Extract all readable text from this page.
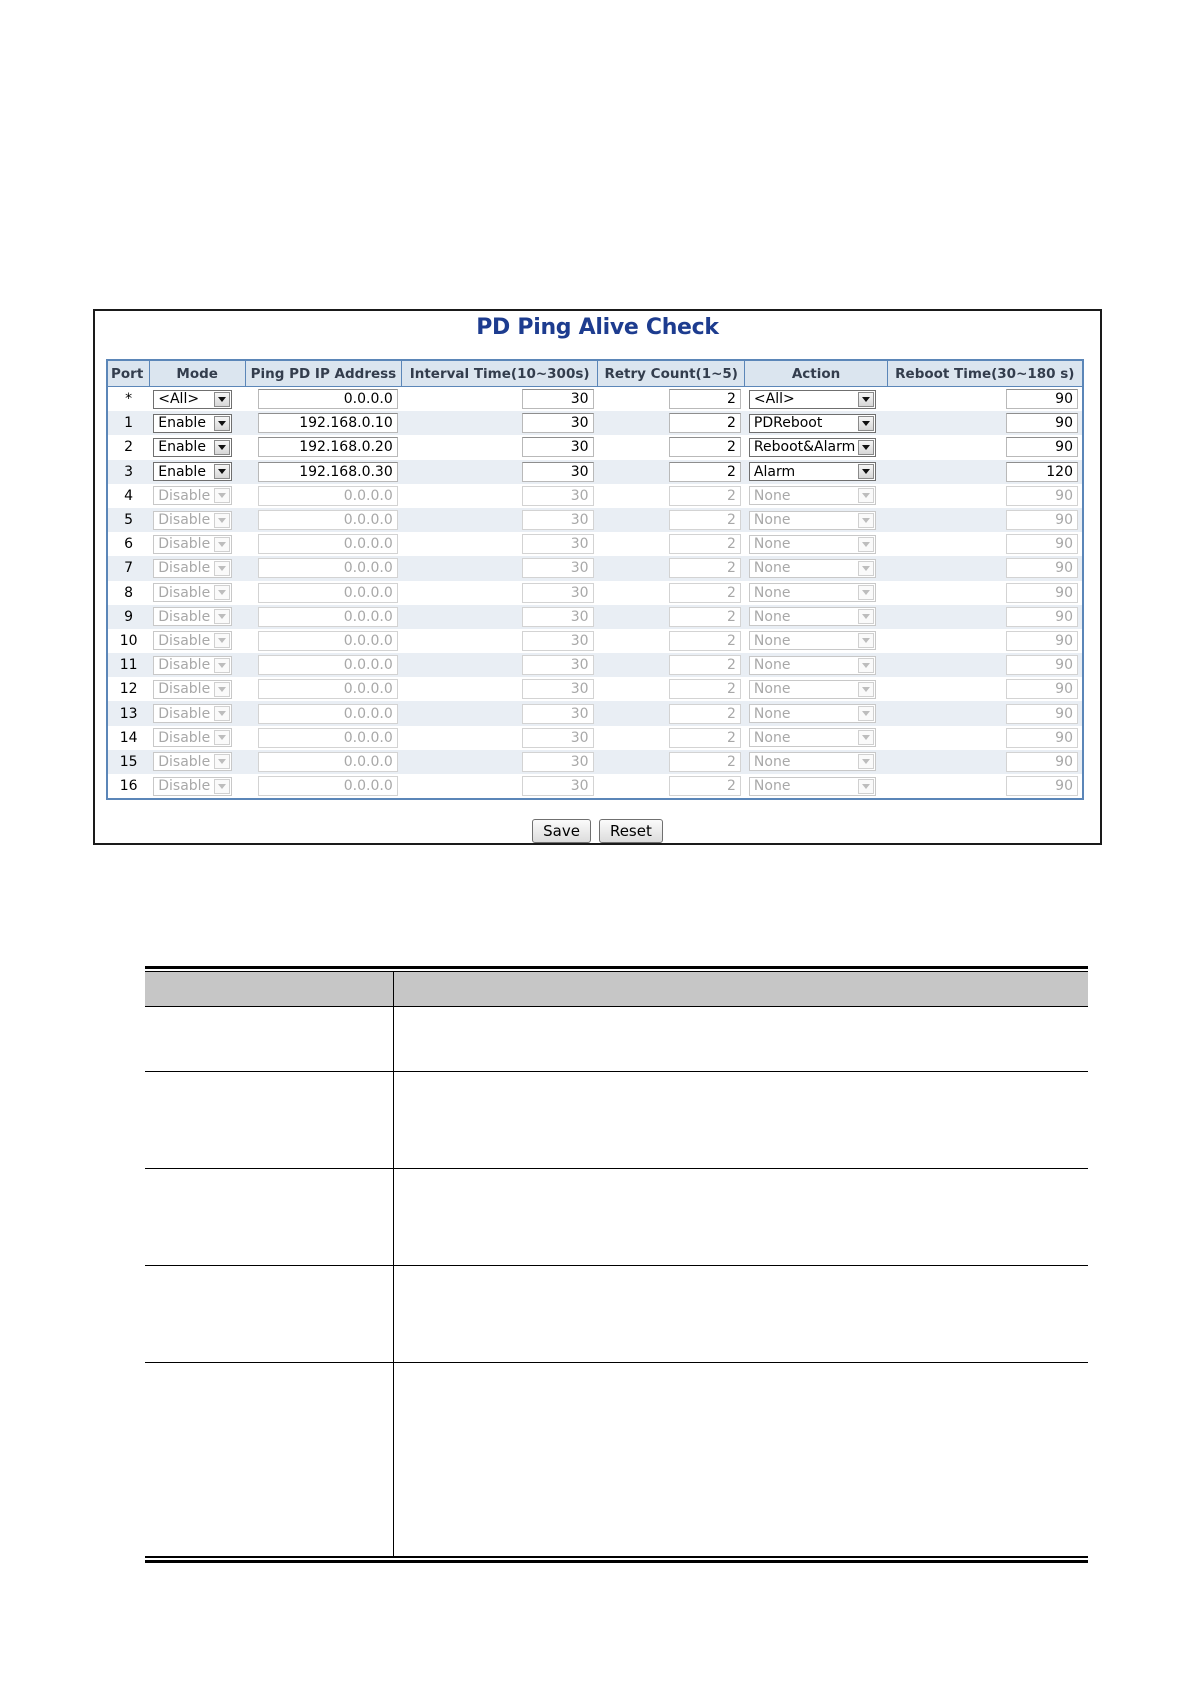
PD Ping Alive Check
Port	Mode	Ping PD IP Address	Interval Time(10~300s)	Retry Count(1~5)	Action	Reboot Time(30~180 s)
*	<All>	0.0.0.0	30	2	<All>	90
1	Enable	192.168.0.10	30	2	PDReboot	90
2	Enable	192.168.0.20	30	2	Reboot&Alarm	90
3	Enable	192.168.0.30	30	2	Alarm	120
4	Disable	0.0.0.0	30	2	None	90
5	Disable	0.0.0.0	30	2	None	90
6	Disable	0.0.0.0	30	2	None	90
7	Disable	0.0.0.0	30	2	None	90
8	Disable	0.0.0.0	30	2	None	90
9	Disable	0.0.0.0	30	2	None	90
10	Disable	0.0.0.0	30	2	None	90
11	Disable	0.0.0.0	30	2	None	90
12	Disable	0.0.0.0	30	2	None	90
13	Disable	0.0.0.0	30	2	None	90
14	Disable	0.0.0.0	30	2	None	90
15	Disable	0.0.0.0	30	2	None	90
16	Disable	0.0.0.0	30	2	None	90
Save Reset
